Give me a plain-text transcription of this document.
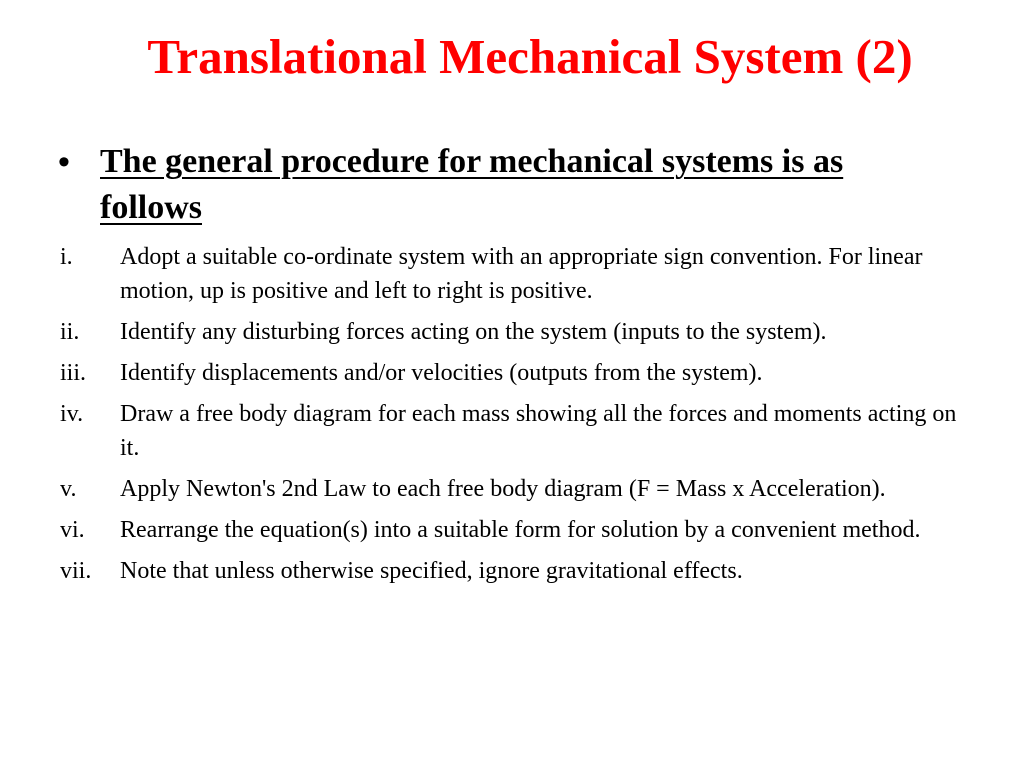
Translational Mechanical System (2)
• The general procedure for mechanical systems is as follows
i.	Adopt a suitable co-ordinate system with an appropriate sign convention. For linear motion, up is positive and left to right is positive.
ii.	Identify any disturbing forces acting on the system (inputs to the system).
iii.	Identify displacements and/or velocities (outputs from the system).
iv.	Draw a free body diagram for each mass showing all the forces and moments acting on it.
v.	Apply Newton's 2nd Law to each free body diagram (F = Mass x Acceleration).
vi.	Rearrange the equation(s) into a suitable form for solution by a convenient method.
vii.	Note that unless otherwise specified, ignore gravitational effects.
